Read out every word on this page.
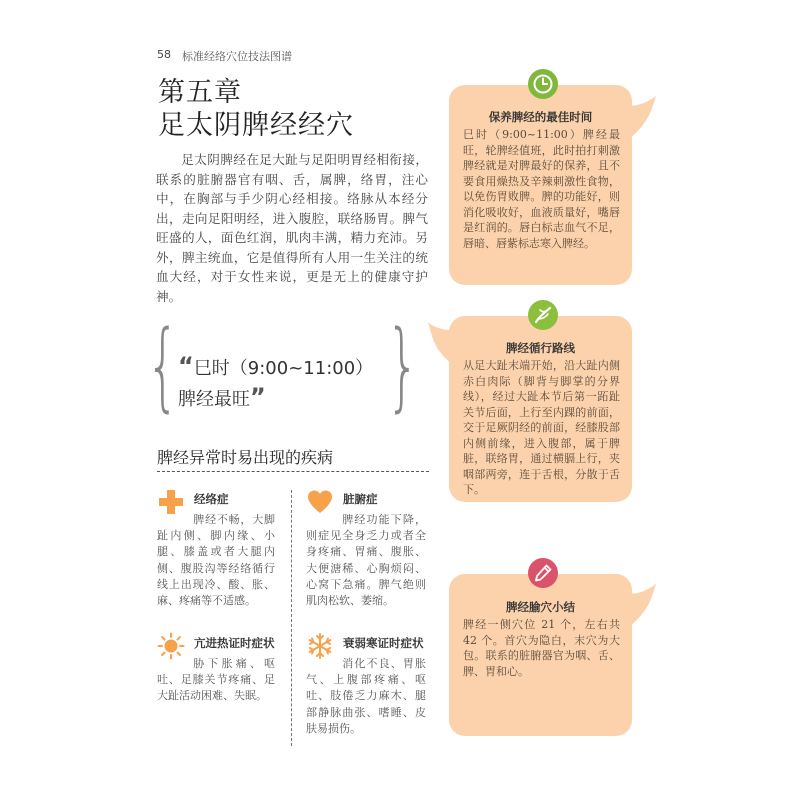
58 标准经络穴位技法图谱
第五章
足太阴脾经经穴
足太阴脾经在足大趾与足阳明胃经相衔接，联系的脏腑器官有咽、舌，属脾，络胃，注心中，在胸部与手少阴心经相接。络脉从本经分出，走向足阳明经，进入腹腔，联络肠胃。脾气旺盛的人，面色红润，肌肉丰满，精力充沛。另外，脾主统血，它是值得所有人用一生关注的统血大经，对于女性来说，更是无上的健康守护神。
{ }
“巳时（9:00~11:00）脾经最旺”
脾经异常时易出现的疾病
经络症
脾经不畅，大脚趾内侧、脚内缘、小腿、膝盖或者大腿内侧、腹股沟等经络循行线上出现冷、酸、胀、麻、疼痛等不适感。
脏腑症
脾经功能下降，则症见全身乏力或者全身疼痛、胃痛、腹胀、大便溏稀、心胸烦闷、心窝下急痛。脾气绝则肌肉松软、萎缩。
亢进热证时症状
胁下胀痛、呕吐、足膝关节疼痛、足大趾活动困难、失眠。
衰弱寒证时症状
消化不良、胃胀气、上腹部疼痛、呕吐、肢倦乏力麻木、腿部静脉曲张、嗜睡、皮肤易损伤。
保养脾经的最佳时间
巳时（9:00~11:00）脾经最旺，轮脾经值班，此时拍打刺激脾经就是对脾最好的保养，且不要食用燥热及辛辣刺激性食物，以免伤胃败脾。脾的功能好，则消化吸收好，血液质量好，嘴唇是红润的。唇白标志血气不足，唇暗、唇紫标志寒入脾经。
脾经循行路线
从足大趾末端开始，沿大趾内侧赤白肉际（脚背与脚掌的分界线），经过大趾本节后第一跖趾关节后面，上行至内踝的前面，交于足厥阴经的前面，经膝股部内侧前缘，进入腹部，属于脾脏，联络胃，通过横膈上行，夹咽部两旁，连于舌根，分散于舌下。
脾经腧穴小结
脾经一侧穴位 21 个，左右共 42 个。首穴为隐白，末穴为大包。联系的脏腑器官为咽、舌、脾、胃和心。
